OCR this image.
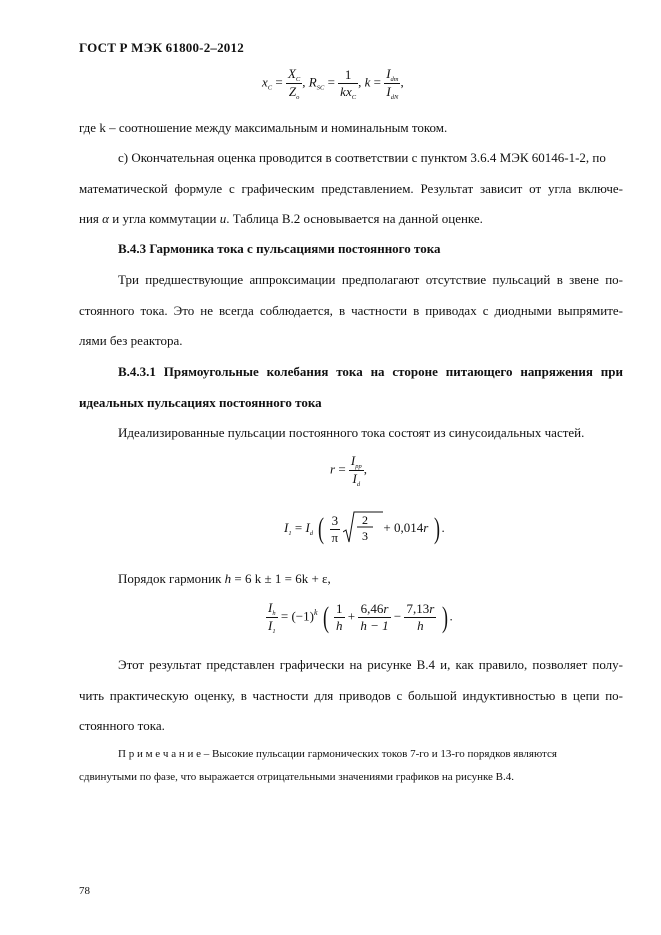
ГОСТ Р МЭК 61800-2–2012
$x_C = \frac{X_C}{Z_o}$ , $R_{SC} = \frac{1}{kx_C}$ , $k = \frac{I_{dm}}{I_{dN}}$ ,
где k – соотношение между максимальным и номинальным током.
c) Окончательная оценка проводится в соответствии с пунктом 3.6.4 МЭК 60146-1-2, по
математической формуле с графическим представлением. Результат зависит от угла включе-
ния α и угла коммутации u. Таблица В.2 основывается на данной оценке.
В.4.3 Гармоника тока с пульсациями постоянного тока
Три предшествующие аппроксимации предполагают отсутствие пульсаций в звене по-
стоянного тока. Это не всегда соблюдается, в частности в приводах с диодными выпрямите-
лями без реактора.
В.4.3.1 Прямоугольные колебания тока на стороне питающего напряжения при
идеальных пульсациях постоянного тока
Идеализированные пульсации постоянного тока состоят из синусоидальных частей.
$r = \frac{I_{pp}}{I_d}$ ,
$I_1 = I_d$ ( $\frac{3}{\pi}$
2
3
+ 0,014r ) .
Порядок гармоник h = 6 k ± 1 = 6k + ε,
$\frac{I_h}{I_1} = (-1)^k$ ( $\frac{1}{h} + \frac{6,46r}{h - 1} - \frac{7,13r}{h}$ ) .
Этот результат представлен графически на рисунке В.4 и, как правило, позволяет полу-
чить практическую оценку, в частности для приводов с большой индуктивностью в цепи по-
стоянного тока.
П р и м е ч а н и е – Высокие пульсации гармонических токов 7-го и 13-го порядков являются
сдвинутыми по фазе, что выражается отрицательными значениями графиков на рисунке В.4.
78
